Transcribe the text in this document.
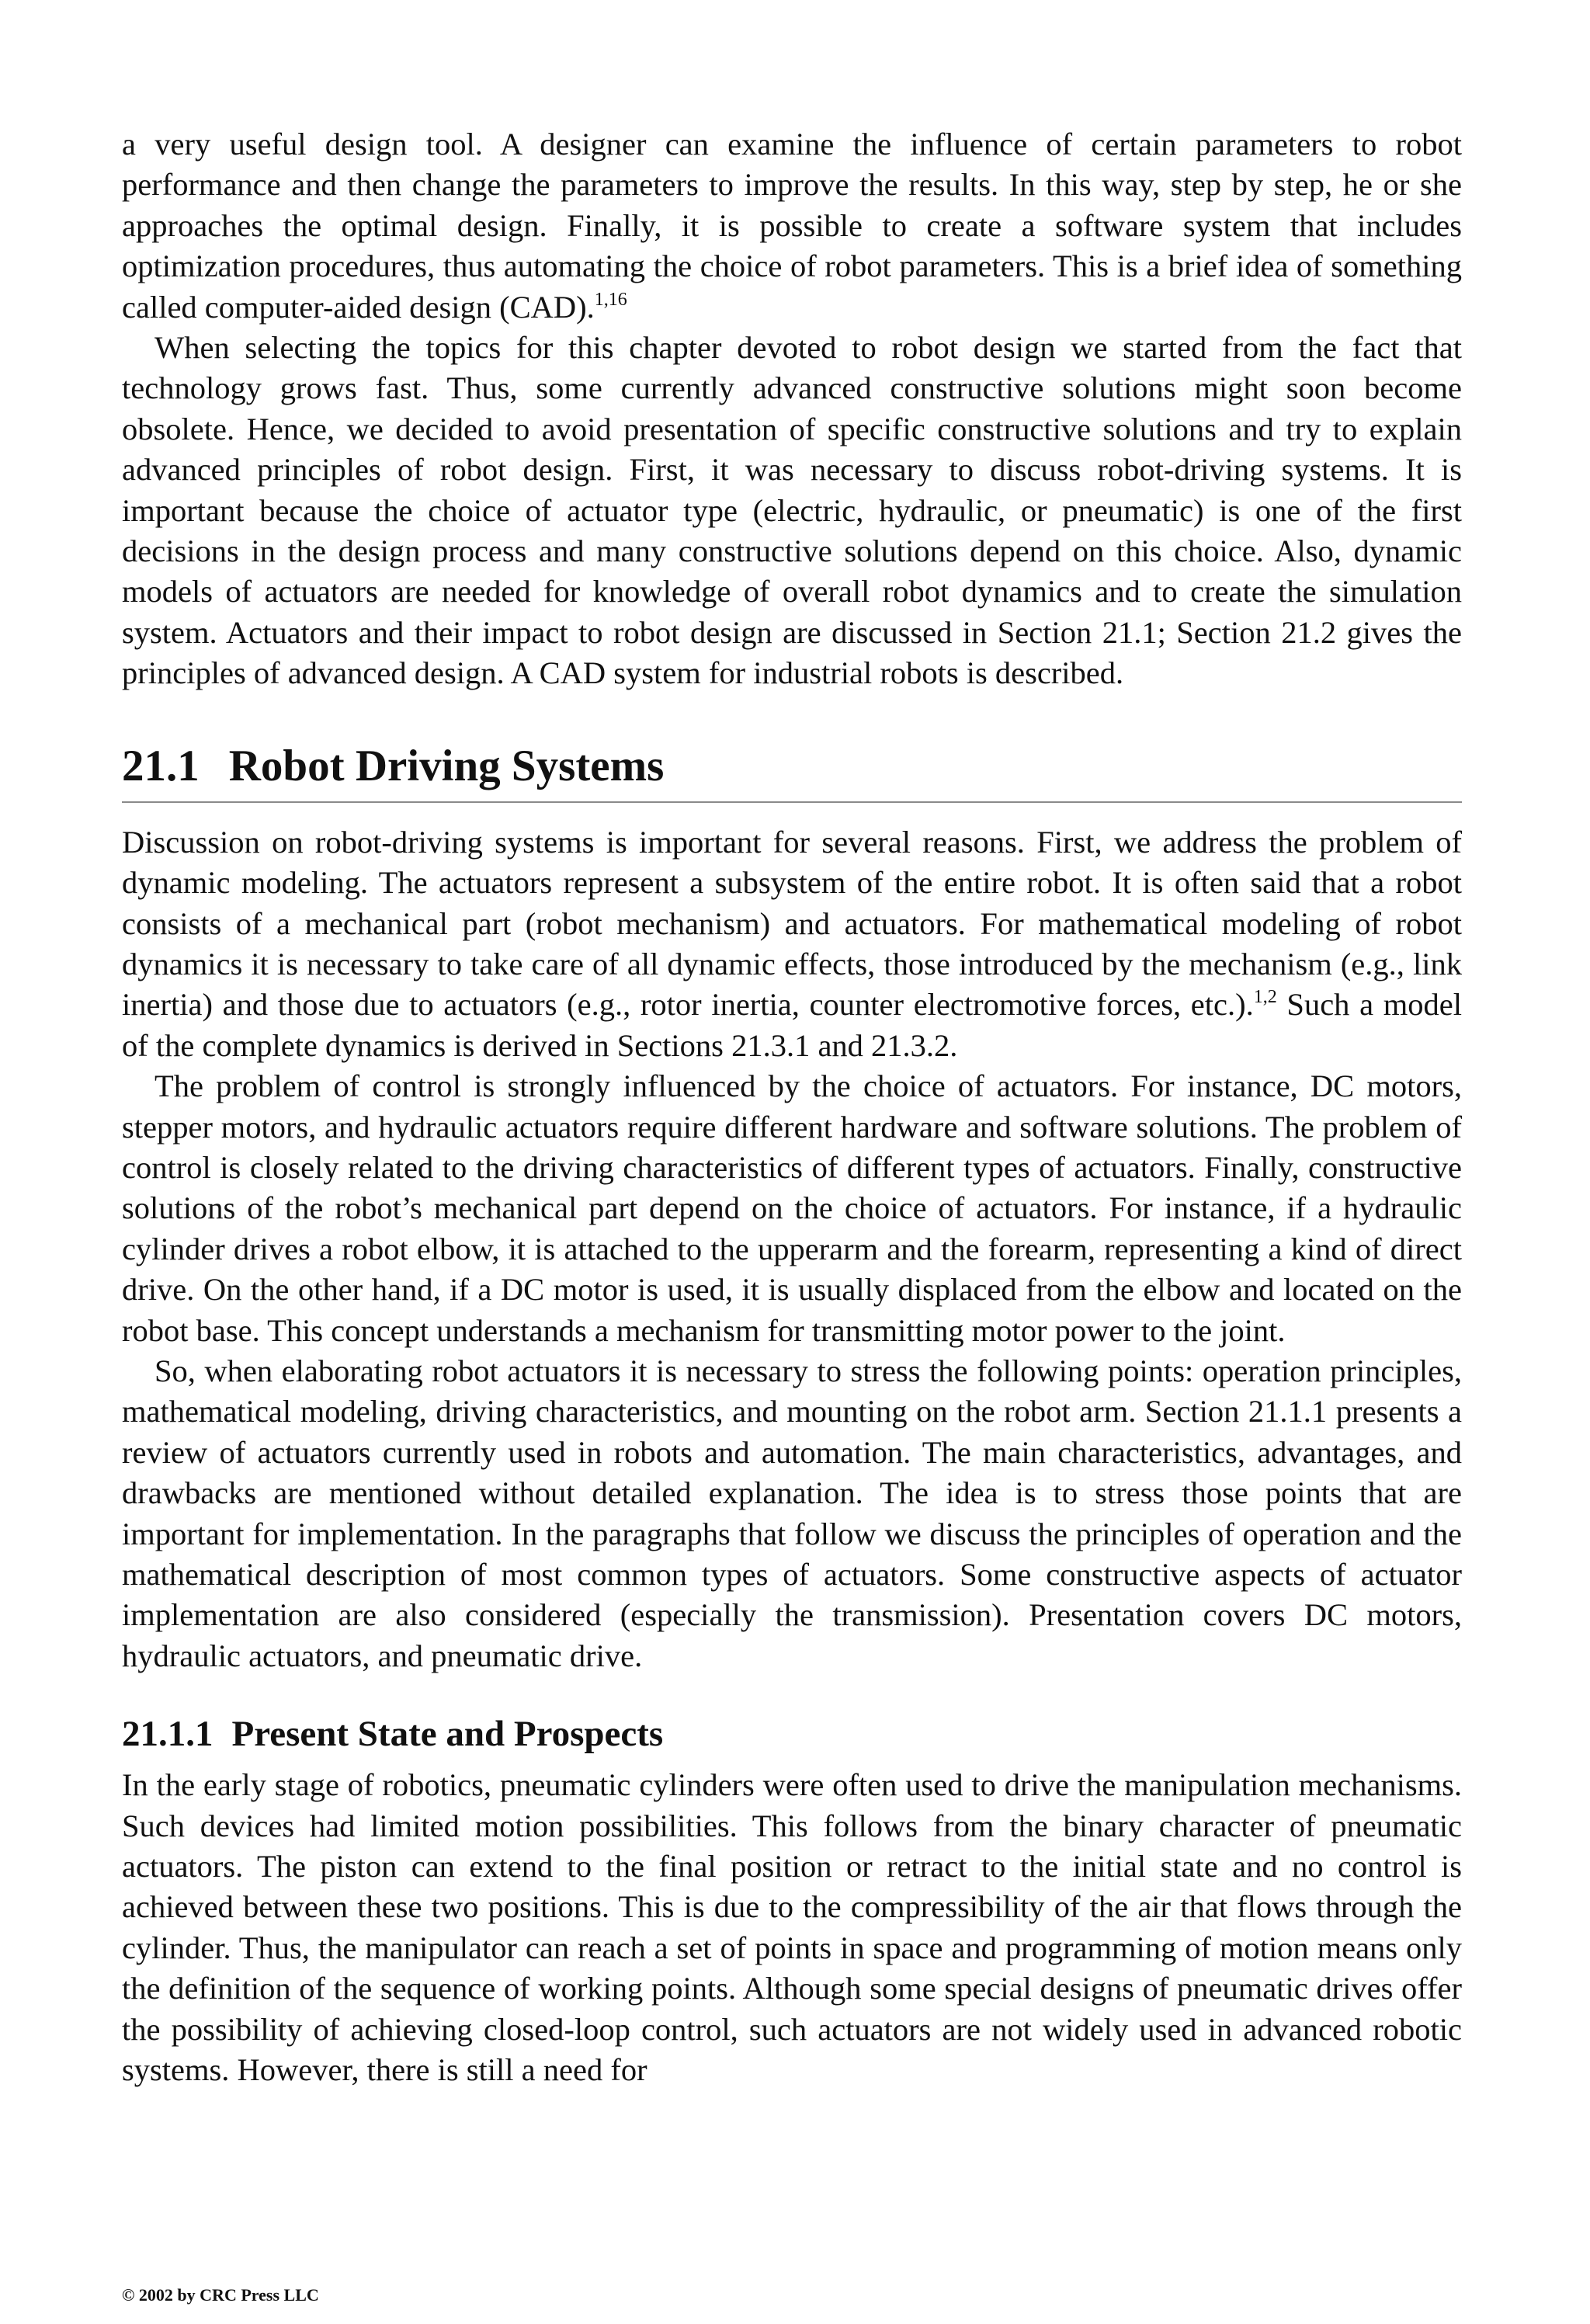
a very useful design tool. A designer can examine the influence of certain parameters to robot performance and then change the parameters to improve the results. In this way, step by step, he or she approaches the optimal design. Finally, it is possible to create a software system that includes optimization procedures, thus automating the choice of robot parameters. This is a brief idea of something called computer-aided design (CAD).$^{1,16}$

When selecting the topics for this chapter devoted to robot design we started from the fact that technology grows fast. Thus, some currently advanced constructive solutions might soon become obsolete. Hence, we decided to avoid presentation of specific constructive solutions and try to explain advanced principles of robot design. First, it was necessary to discuss robot-driving systems. It is important because the choice of actuator type (electric, hydraulic, or pneumatic) is one of the first decisions in the design process and many constructive solutions depend on this choice. Also, dynamic models of actuators are needed for knowledge of overall robot dynamics and to create the simulation system. Actuators and their impact to robot design are discussed in Section 21.1; Section 21.2 gives the principles of advanced design. A CAD system for industrial robots is described.

21.1 Robot Driving Systems

Discussion on robot-driving systems is important for several reasons. First, we address the problem of dynamic modeling. The actuators represent a subsystem of the entire robot. It is often said that a robot consists of a mechanical part (robot mechanism) and actuators. For mathematical modeling of robot dynamics it is necessary to take care of all dynamic effects, those introduced by the mechanism (e.g., link inertia) and those due to actuators (e.g., rotor inertia, counter electromotive forces, etc.).$^{1,2}$ Such a model of the complete dynamics is derived in Sections 21.3.1 and 21.3.2.

The problem of control is strongly influenced by the choice of actuators. For instance, DC motors, stepper motors, and hydraulic actuators require different hardware and software solutions. The problem of control is closely related to the driving characteristics of different types of actuators. Finally, constructive solutions of the robot’s mechanical part depend on the choice of actuators. For instance, if a hydraulic cylinder drives a robot elbow, it is attached to the upperarm and the forearm, representing a kind of direct drive. On the other hand, if a DC motor is used, it is usually displaced from the elbow and located on the robot base. This concept understands a mechanism for transmitting motor power to the joint.

So, when elaborating robot actuators it is necessary to stress the following points: operation principles, mathematical modeling, driving characteristics, and mounting on the robot arm. Section 21.1.1 presents a review of actuators currently used in robots and automation. The main characteristics, advantages, and drawbacks are mentioned without detailed explanation. The idea is to stress those points that are important for implementation. In the paragraphs that follow we discuss the principles of operation and the mathematical description of most common types of actuators. Some constructive aspects of actuator implementation are also considered (especially the transmission). Presentation covers DC motors, hydraulic actuators, and pneumatic drive.

21.1.1 Present State and Prospects

In the early stage of robotics, pneumatic cylinders were often used to drive the manipulation mechanisms. Such devices had limited motion possibilities. This follows from the binary character of pneumatic actuators. The piston can extend to the final position or retract to the initial state and no control is achieved between these two positions. This is due to the compressibility of the air that flows through the cylinder. Thus, the manipulator can reach a set of points in space and programming of motion means only the definition of the sequence of working points. Although some special designs of pneumatic drives offer the possibility of achieving closed-loop control, such actuators are not widely used in advanced robotic systems. However, there is still a need for

© 2002 by CRC Press LLC
